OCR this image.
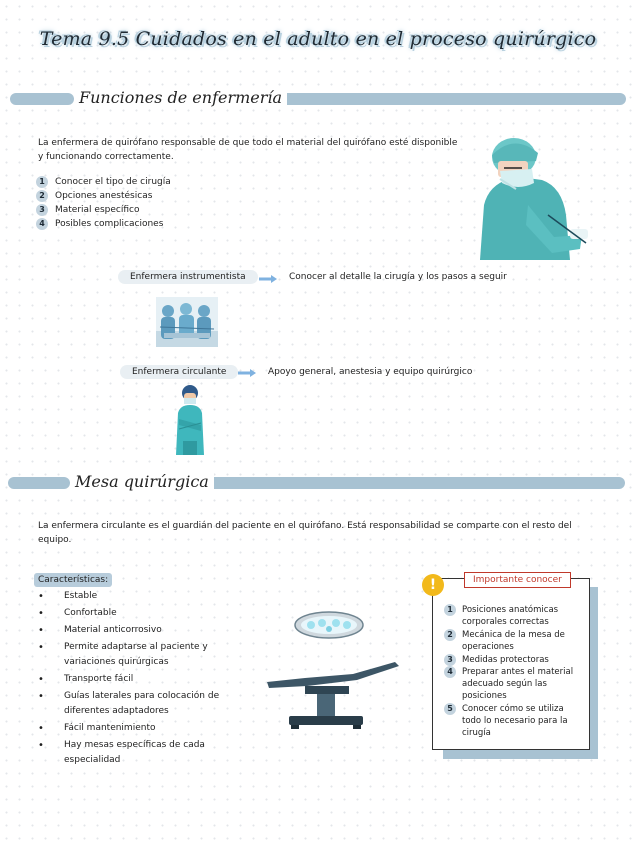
Tema 9.5 Cuidados en el adulto en el proceso quirúrgico
Funciones de enfermería
La enfermera de quirófano responsable de que todo el material del quirófano esté disponible y funcionando correctamente.
1	Conocer el tipo de cirugía
2	Opciones anestésicas
3	Material específico
4	Posibles complicaciones
Enfermera instrumentista	Conocer al detalle la cirugía y los pasos a seguir
Enfermera circulante	Apoyo general, anestesia y equipo quirúrgico
Mesa quirúrgica
La enfermera circulante es el guardián del paciente en el quirófano. Está responsabilidad se comparte con el resto del equipo.
Características:
• Estable
• Confortable
• Material anticorrosivo
• Permite adaptarse al paciente y variaciones quirúrgicas
• Transporte fácil
• Guías laterales para colocación de diferentes adaptadores
• Fácil mantenimiento
• Hay mesas específicas de cada especialidad
Importante conocer
!
1	Posiciones anatómicas corporales correctas
2	Mecánica de la mesa de operaciones
3	Medidas protectoras
4	Preparar antes el material adecuado según las posiciones
5	Conocer cómo se utiliza todo lo necesario para la cirugía
